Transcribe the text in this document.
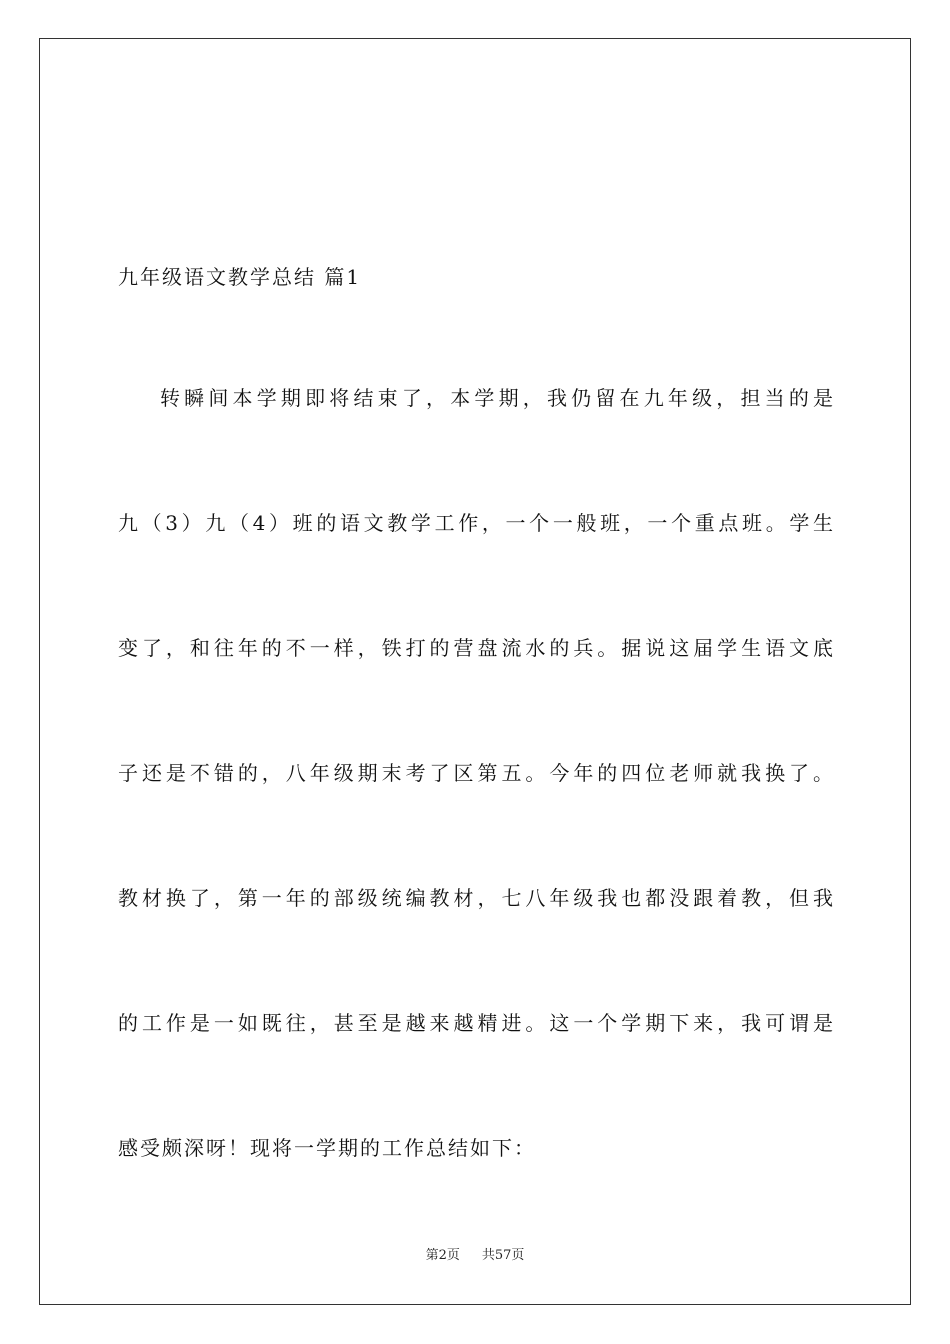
九年级语文教学总结 篇1
转瞬间本学期即将结束了，本学期，我仍留在九年级，担当的是
九（3）九（4）班的语文教学工作，一个一般班，一个重点班。学生
变了，和往年的不一样，铁打的营盘流水的兵。据说这届学生语文底
子还是不错的，八年级期末考了区第五。今年的四位老师就我换了。
教材换了，第一年的部级统编教材，七八年级我也都没跟着教，但我
的工作是一如既往，甚至是越来越精进。这一个学期下来，我可谓是
感受颇深呀！现将一学期的工作总结如下：
第2页 共57页
